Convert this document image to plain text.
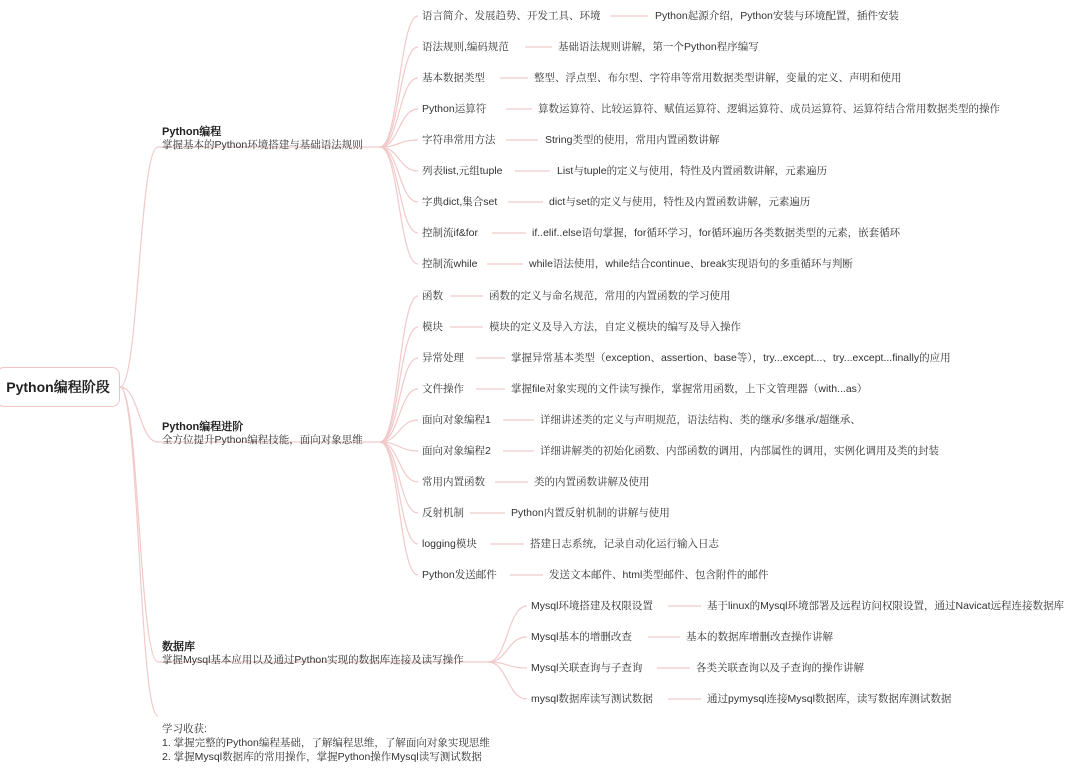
Python编程阶段
Python编程
掌握基本的Python环境搭建与基础语法规则
Python编程进阶
全方位提升Python编程技能，面向对象思维
数据库
掌握Mysql基本应用以及通过Python实现的数据库连接及读写操作
语言简介、发展趋势、开发工具、环境	Python起源介绍，Python安装与环境配置，插件安装
语法规则,编码规范	基础语法规则讲解，第一个Python程序编写
基本数据类型	整型、浮点型、布尔型、字符串等常用数据类型讲解，变量的定义、声明和使用
Python运算符	算数运算符、比较运算符、赋值运算符、逻辑运算符、成员运算符、运算符结合常用数据类型的操作
字符串常用方法	String类型的使用，常用内置函数讲解
列表list,元组tuple	List与tuple的定义与使用，特性及内置函数讲解，元素遍历
字典dict,集合set	dict与set的定义与使用，特性及内置函数讲解，元素遍历
控制流if&for	if..elif..else语句掌握，for循环学习，for循环遍历各类数据类型的元素，嵌套循环
控制流while	while语法使用，while结合continue、break实现语句的多重循环与判断
函数	函数的定义与命名规范，常用的内置函数的学习使用
模块	模块的定义及导入方法，自定义模块的编写及导入操作
异常处理	掌握异常基本类型（exception、assertion、base等），try...except...、try...except...finally的应用
文件操作	掌握file对象实现的文件读写操作，掌握常用函数，上下文管理器（with...as）
面向对象编程1	详细讲述类的定义与声明规范，语法结构、类的继承/多继承/超继承、
面向对象编程2	详细讲解类的初始化函数、内部函数的调用，内部属性的调用，实例化调用及类的封装
常用内置函数	类的内置函数讲解及使用
反射机制	Python内置反射机制的讲解与使用
logging模块	搭建日志系统，记录自动化运行输入日志
Python发送邮件	发送文本邮件、html类型邮件、包含附件的邮件
Mysql环境搭建及权限设置	基于linux的Mysql环境部署及远程访问权限设置，通过Navicat远程连接数据库
Mysql基本的增删改查	基本的数据库增删改查操作讲解
Mysql关联查询与子查询	各类关联查询以及子查询的操作讲解
mysql数据库读写测试数据	通过pymysql连接Mysql数据库，读写数据库测试数据
学习收获:
1. 掌握完整的Python编程基础，了解编程思维，了解面向对象实现思维
2. 掌握Mysql数据库的常用操作，掌握Python操作Mysql读写测试数据
